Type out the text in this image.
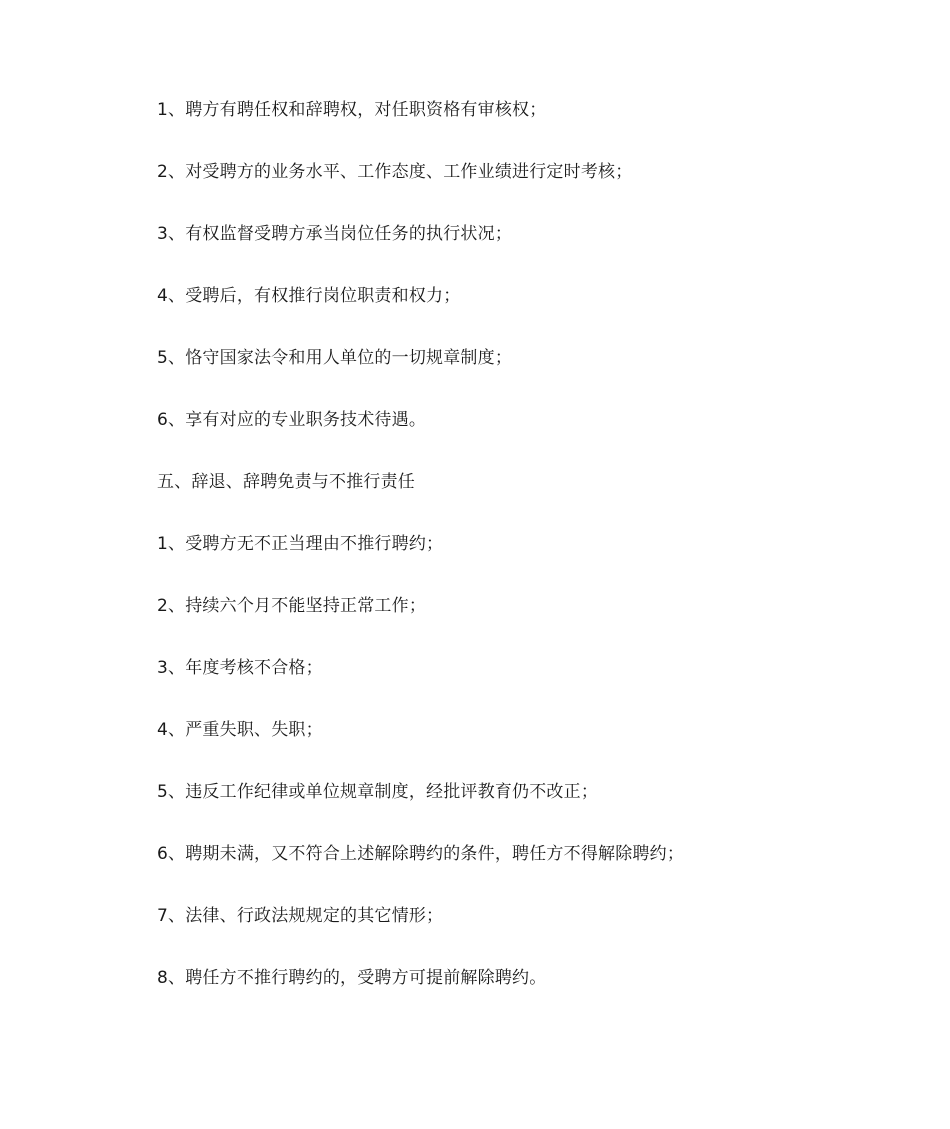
1、聘方有聘任权和辞聘权，对任职资格有审核权；
2、对受聘方的业务水平、工作态度、工作业绩进行定时考核；
3、有权监督受聘方承当岗位任务的执行状况；
4、受聘后，有权推行岗位职责和权力；
5、恪守国家法令和用人单位的一切规章制度；
6、享有对应的专业职务技术待遇。
五、辞退、辞聘免责与不推行责任
1、受聘方无不正当理由不推行聘约；
2、持续六个月不能坚持正常工作；
3、年度考核不合格；
4、严重失职、失职；
5、违反工作纪律或单位规章制度，经批评教育仍不改正；
6、聘期未满，又不符合上述解除聘约的条件，聘任方不得解除聘约；
7、法律、行政法规规定的其它情形；
8、聘任方不推行聘约的，受聘方可提前解除聘约。
